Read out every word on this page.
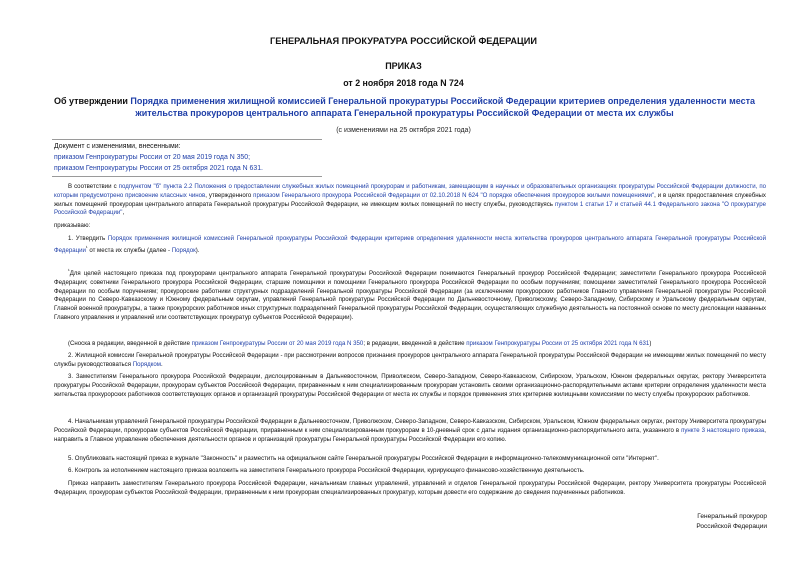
ГЕНЕРАЛЬНАЯ ПРОКУРАТУРА РОССИЙСКОЙ ФЕДЕРАЦИИ
ПРИКАЗ
от 2 ноября 2018 года N 724
Об утверждении Порядка применения жилищной комиссией Генеральной прокуратуры Российской Федерации критериев определения удаленности места жительства прокуроров центрального аппарата Генеральной прокуратуры Российской Федерации от места их службы
(с изменениями на 25 октября 2021 года)
Документ с изменениями, внесенными:
приказом Генпрокуратуры России от 20 мая 2019 года N 350;
приказом Генпрокуратуры России от 25 октября 2021 года N 631.
В соответствии с подпунктом "б" пункта 2.2 Положения о предоставлении служебных жилых помещений прокурорам и работникам, замещающим в научных и образовательных организациях прокуратуры Российской Федерации должности, по которым предусмотрено присвоение классных чинов, утвержденного приказом Генерального прокурора Российской Федерации от 02.10.2018 N 624 "О порядке обеспечения прокуроров жилыми помещениями", и в целях предоставления служебных жилых помещений прокурорам центрального аппарата Генеральной прокуратуры Российской Федерации, не имеющим жилых помещений по месту службы, руководствуясь пунктом 1 статьи 17 и статьей 44.1 Федерального закона "О прокуратуре Российской Федерации",
приказываю:
1. Утвердить Порядок применения жилищной комиссией Генеральной прокуратуры Российской Федерации критериев определения удаленности места жительства прокуроров центрального аппарата Генеральной прокуратуры Российской Федерации$^{^1}$ от места их службы (далее - Порядок).
$^{^1}$Для целей настоящего приказа под прокурорами центрального аппарата Генеральной прокуратуры Российской Федерации понимаются Генеральный прокурор Российской Федерации; заместители Генерального прокурора Российской Федерации; советники Генерального прокурора Российской Федерации, старшие помощники и помощники Генерального прокурора Российской Федерации по особым поручениям; помощники заместителей Генерального прокурора Российской Федерации по особым поручениям; прокурорские работники структурных подразделений Генеральной прокуратуры Российской Федерации (за исключением прокурорских работников Главного управления Генеральной прокуратуры Российской Федерации по Северо-Кавказскому и Южному федеральным округам, управлений Генеральной прокуратуры Российской Федерации по Дальневосточному, Приволжскому, Северо-Западному, Сибирскому и Уральскому федеральным округам, Главной военной прокуратуры, а также прокурорских работников иных структурных подразделений Генеральной прокуратуры Российской Федерации, осуществляющих служебную деятельность на постоянной основе по месту дислокации названных Главного управления и управлений или соответствующих прокуратур субъектов Российской Федерации).
(Сноска в редакции, введенной в действие приказом Генпрокуратуры России от 20 мая 2019 года N 350; в редакции, введенной в действие приказом Генпрокуратуры России от 25 октября 2021 года N 631)
2. Жилищной комиссии Генеральной прокуратуры Российской Федерации - при рассмотрении вопросов признания прокуроров центрального аппарата Генеральной прокуратуры Российской Федерации не имеющими жилых помещений по месту службы руководствоваться Порядком.
3. Заместителям Генерального прокурора Российской Федерации, дислоцированным в Дальневосточном, Приволжском, Северо-Западном, Северо-Кавказском, Сибирском, Уральском, Южном федеральных округах, ректору Университета прокуратуры Российской Федерации, прокурорам субъектов Российской Федерации, приравненным к ним специализированным прокурорам установить своими организационно-распорядительными актами критерии определения удаленности места жительства прокурорских работников соответствующих органов и организаций прокуратуры Российской Федерации от места их службы и порядок применения этих критериев жилищными комиссиями по месту службы прокурорских работников.
4. Начальникам управлений Генеральной прокуратуры Российской Федерации в Дальневосточном, Приволжском, Северо-Западном, Северо-Кавказском, Сибирском, Уральском, Южном федеральных округах, ректору Университета прокуратуры Российской Федерации, прокурорам субъектов Российской Федерации, приравненным к ним специализированным прокурорам в 10-дневный срок с даты издания организационно-распорядительного акта, указанного в пункте 3 настоящего приказа, направить в Главное управление обеспечения деятельности органов и организаций прокуратуры Генеральной прокуратуры Российской Федерации его копию.
5. Опубликовать настоящий приказ в журнале "Законность" и разместить на официальном сайте Генеральной прокуратуры Российской Федерации в информационно-телекоммуникационной сети "Интернет".
6. Контроль за исполнением настоящего приказа возложить на заместителя Генерального прокурора Российской Федерации, курирующего финансово-хозяйственную деятельность.
Приказ направить заместителям Генерального прокурора Российской Федерации, начальникам главных управлений, управлений и отделов Генеральной прокуратуры Российской Федерации, ректору Университета прокуратуры Российской Федерации, прокурорам субъектов Российской Федерации, приравненным к ним прокурорам специализированных прокуратур, которым довести его содержание до сведения подчиненных работников.
Генеральный прокурор
Российской Федерации
